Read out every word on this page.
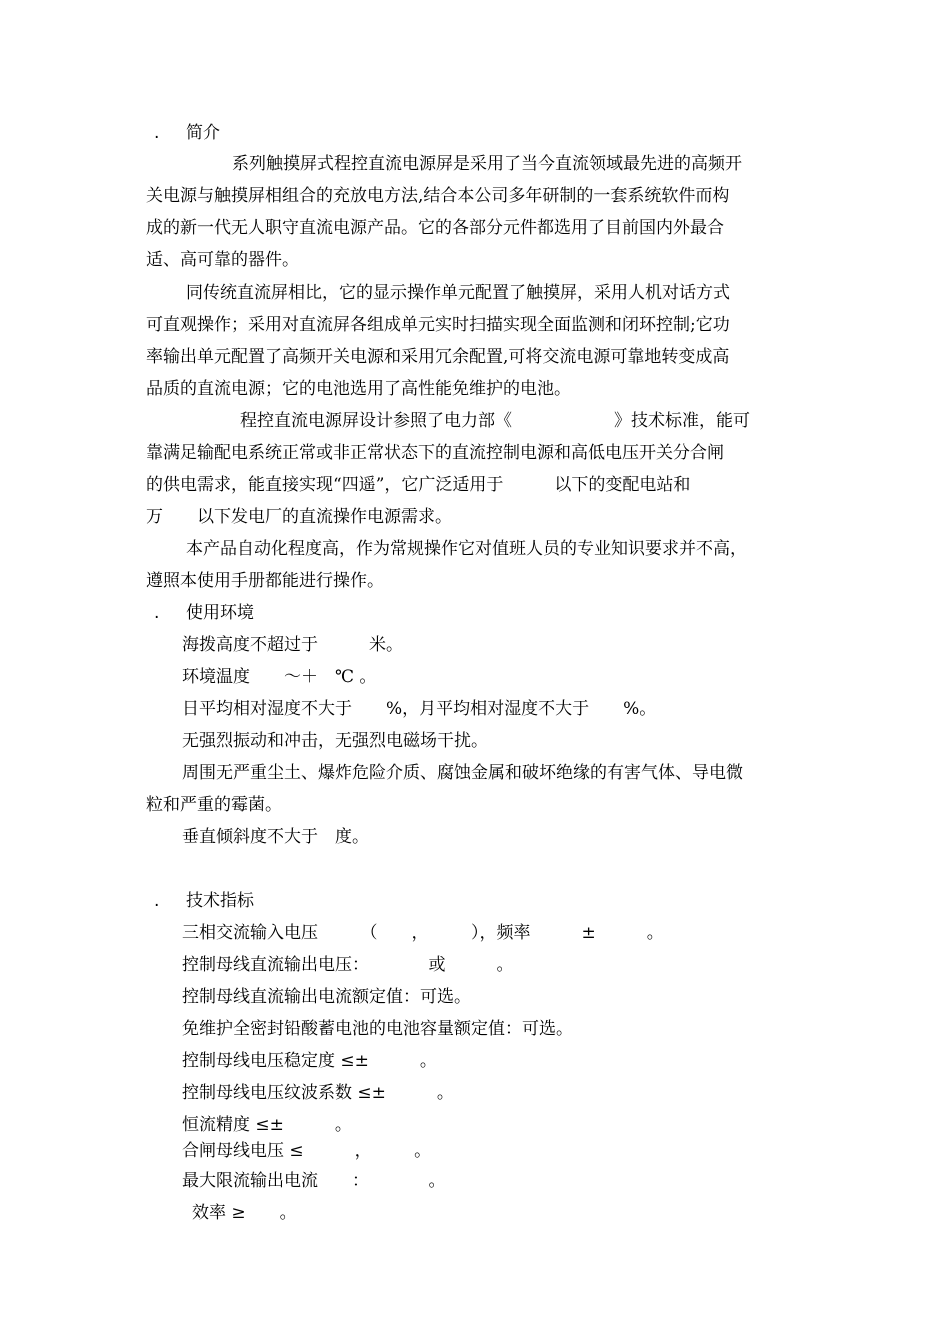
. 简介
系列触摸屏式程控直流电源屏是采用了当今直流领域最先进的高频开
关电源与触摸屏相组合的充放电方法,结合本公司多年研制的一套系统软件而构
成的新一代无人职守直流电源产品。它的各部分元件都选用了目前国内外最合
适、高可靠的器件。
同传统直流屏相比，它的显示操作单元配置了触摸屏，采用人机对话方式
可直观操作；采用对直流屏各组成单元实时扫描实现全面监测和闭环控制;它功
率输出单元配置了高频开关电源和采用冗余配置,可将交流电源可靠地转变成高
品质的直流电源；它的电池选用了高性能免维护的电池。
程控直流电源屏设计参照了电力部《　　　　　　》技术标准，能可
靠满足输配电系统正常或非正常状态下的直流控制电源和高低电压开关分合闸
的供电需求，能直接实现“四遥”，它广泛适用于　　　以下的变配电站和
万　　以下发电厂的直流操作电源需求。
本产品自动化程度高，作为常规操作它对值班人员的专业知识要求并不高，
遵照本使用手册都能进行操作。
. 使用环境
海拨高度不超过于　　　米。
环境温度　　～＋　℃ 。
日平均相对湿度不大于　　%，月平均相对湿度不大于　　%。
无强烈振动和冲击，无强烈电磁场干扰。
周围无严重尘土、爆炸危险介质、腐蚀金属和破坏绝缘的有害气体、导电微
粒和严重的霉菌。
垂直倾斜度不大于　度。
. 技术指标
三相交流输入电压　　　（　　，　　　），频率　　　±　　　。
控制母线直流输出电压：　　　　或　　　。
控制母线直流输出电流额定值：可选。
免维护全密封铅酸蓄电池的电池容量额定值：可选。
控制母线电压稳定度 ≤±　　　。
控制母线电压纹波系数 ≤±　　　。
恒流精度 ≤±　　　。
合闸母线电压 ≤　　　，　　　。
最大限流输出电流　　：　　　　。
效率 ≥　　。
